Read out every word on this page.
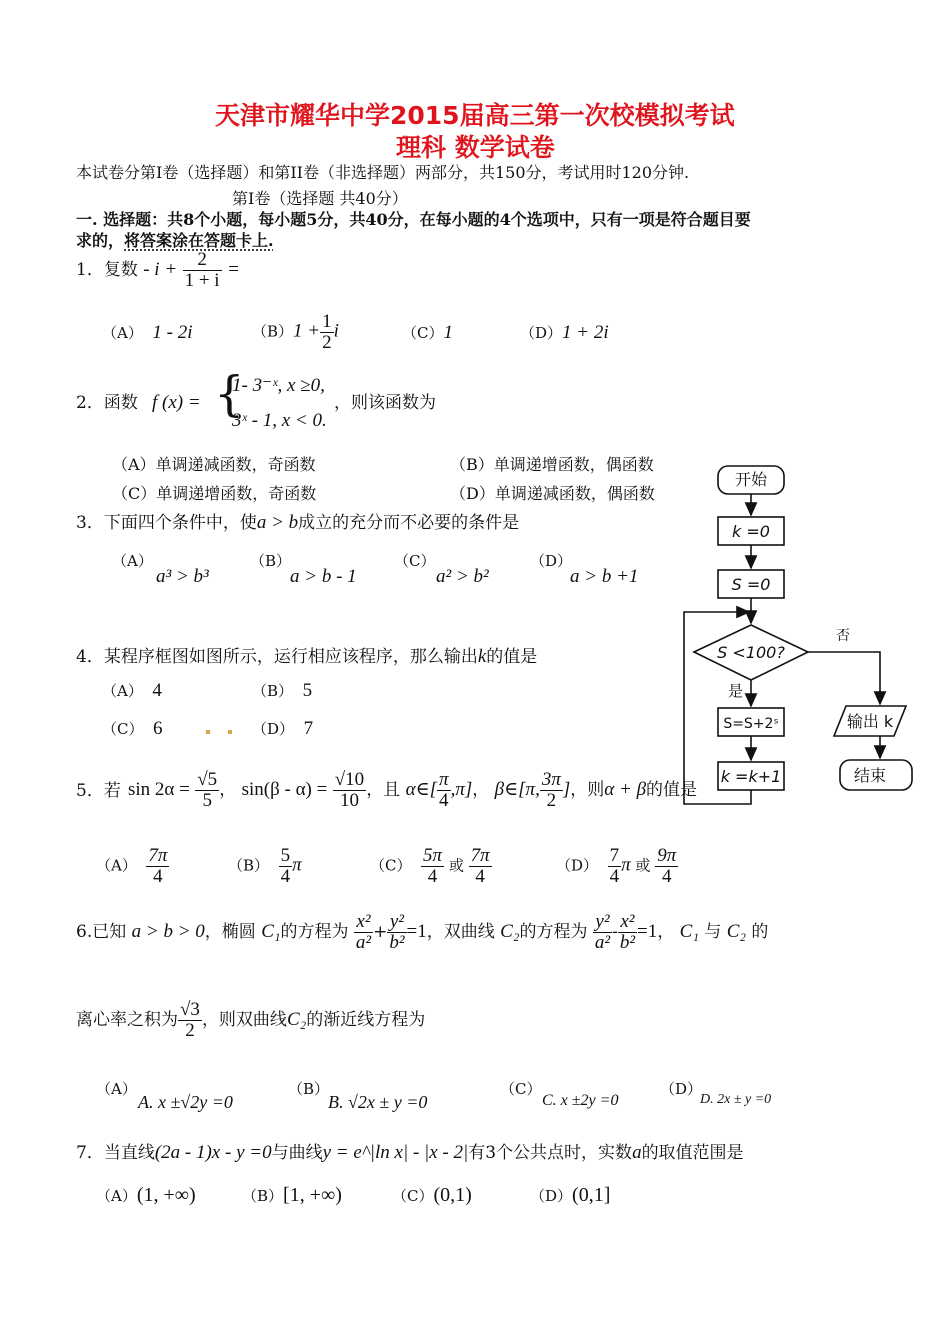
天津市耀华中学2015届高三第一次校模拟考试
理科 数学试卷
本试卷分第I卷（选择题）和第II卷（非选择题）两部分，共150分，考试用时120分钟.
第I卷（选择题 共40分）
一. 选择题：共8个小题，每小题5分，共40分，在每小题的4个选项中，只有一项是符合题目要
求的，将答案涂在答题卡上.
1．复数 - $i + \frac{2}{1 + i}$ =
（A） 1 - 2i	$(B)1 + \frac{1}{2}$ i	（C）1	（D）1 + 2i
2．函数 f (x) = {
1- 3⁻ˣ, x ≥0,
3ˣ - 1, x < 0.
，则该函数为
（A）单调递减函数，奇函数	（B）单调递增函数，偶函数
（C）单调递增函数，奇函数	（D）单调递减函数，偶函数
3．下面四个条件中，使a > b成立的充分而不必要的条件是
（A）
a³ > b³
（B）
a > b - 1
（C）
a² > b²
（D）
a > b +1
4．某程序框图如图所示，运行相应该程序，那么输出k的值是
（A） 4	（B） 5
（C） 6	（D） 7
5．若 $\sin 2\alpha = \frac{√5}{5}$ ， $\sin(\beta - \alpha) = \frac{√10}{10}$ ，且 α∈[ $\frac{\pi}{4} ,\pi$]， β∈[π, $\frac{3\pi}{2}$ ]，则α + β的值是
$(A) \frac{7\pi}{4}$	$(B) \frac{5}{4}$ π	$(C) \frac{5\pi}{4}$ 或 $\frac{7\pi}{4}$	$(D) \frac{7}{4}$ π 或 $\frac{9\pi}{4}$
6.已知 a > b > 0，椭圆 C₁的方程为 $\frac{\text{x²}}{\text{a²}} + \frac{\text{y²}}{\text{b²}} =1$，双曲线 C₂的方程为 $\frac{\text{y²}}{\text{a²}} - \frac{\text{x²}}{\text{b²}} =1$， C₁ 与 C₂ 的
离心率之积为 $\frac{√3}{2}$ ，则双曲线C₂的渐近线方程为
（A）
A. x ±√2y =0
（B）
B. √2x ± y =0
（C）
C. x ±2y =0
（D）
D. 2x ± y =0
7．当直线(2a - 1)x - y =0与曲线y = e^|ln x| - |x - 2|有3个公共点时，实数a的取值范围是
（A）(1, +∞)	（B）[1, +∞)	（C）(0,1)	（D）(0,1]
开始
k =0
S =0
S <100?
否
是
S=S+2ˢ
k =k+1
输出 k
结束
